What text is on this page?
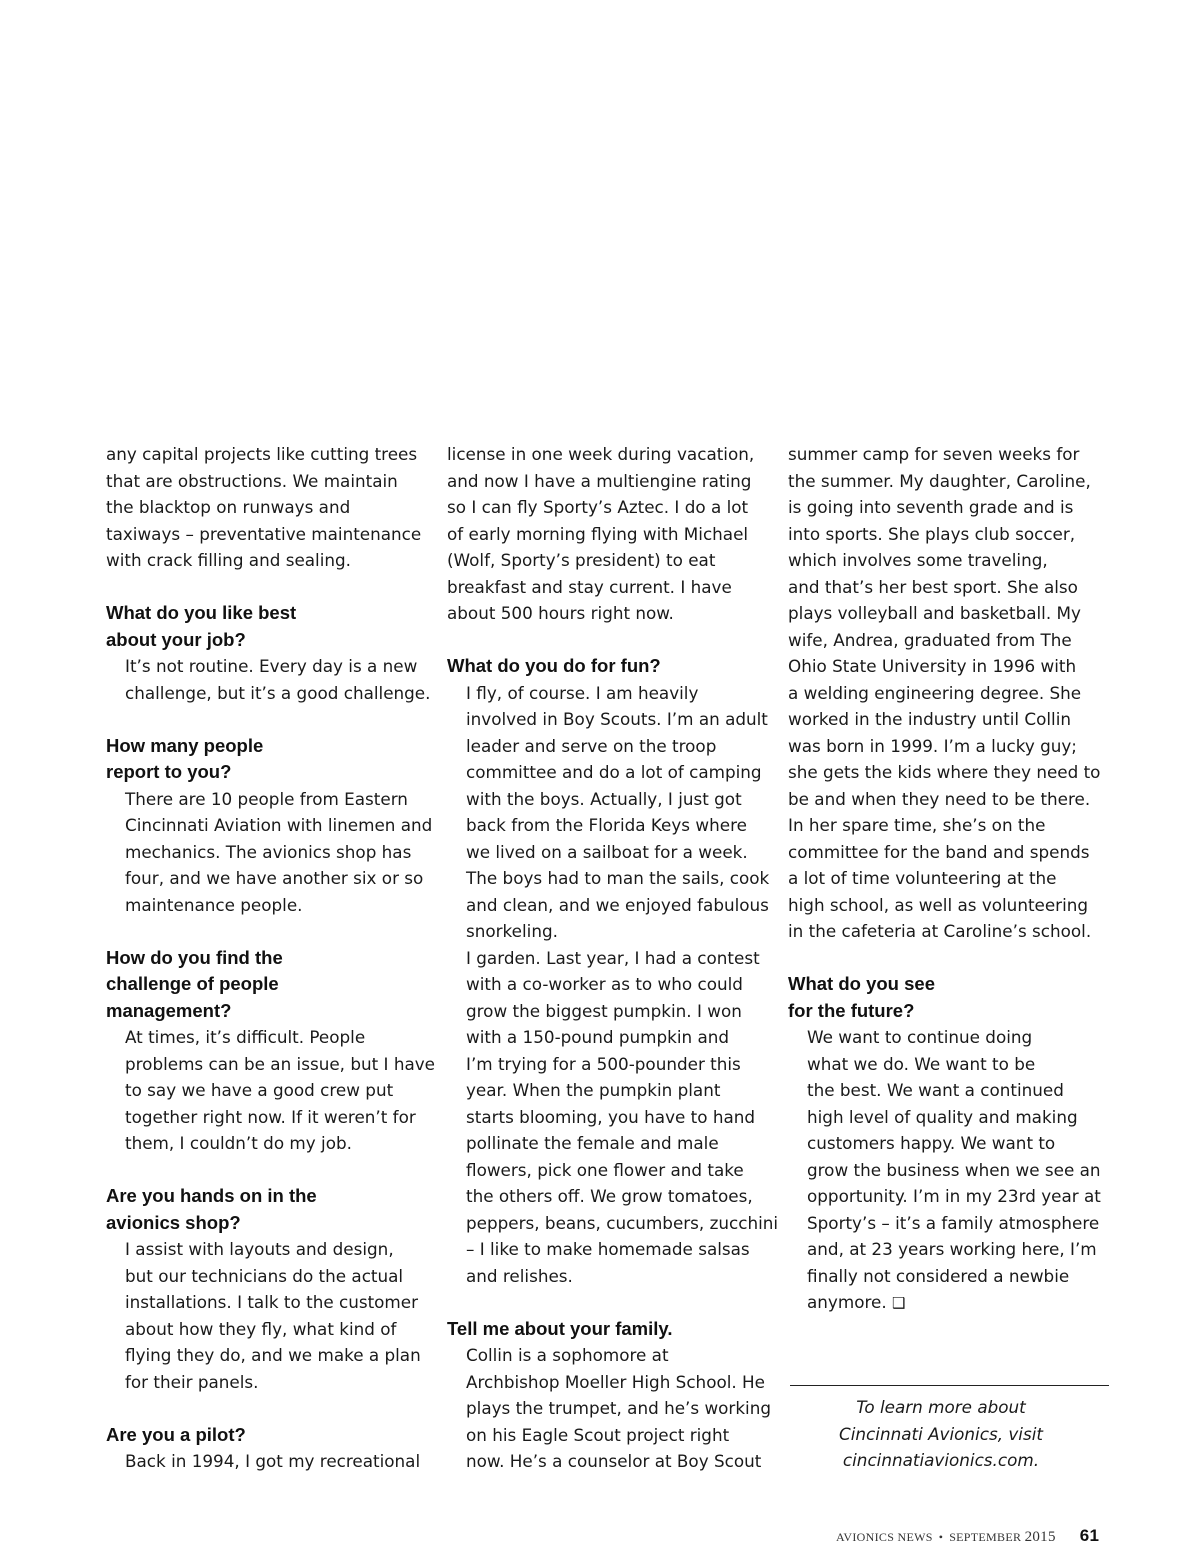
any capital projects like cutting trees
that are obstructions. We maintain
the blacktop on runways and
taxiways – preventative maintenance
with crack filling and sealing.

What do you like best
about your job?

It’s not routine. Every day is a new
challenge, but it’s a good challenge.

How many people
report to you?

There are 10 people from Eastern
Cincinnati Aviation with linemen and
mechanics. The avionics shop has
four, and we have another six or so
maintenance people.

How do you find the
challenge of people
management?

At times, it’s difficult. People
problems can be an issue, but I have
to say we have a good crew put
together right now. If it weren’t for
them, I couldn’t do my job.

Are you hands on in the
avionics shop?

I assist with layouts and design,
but our technicians do the actual
installations. I talk to the customer
about how they fly, what kind of
flying they do, and we make a plan
for their panels.

Are you a pilot?

Back in 1994, I got my recreational

license in one week during vacation,
and now I have a multiengine rating
so I can fly Sporty’s Aztec. I do a lot
of early morning flying with Michael
(Wolf, Sporty’s president) to eat
breakfast and stay current. I have
about 500 hours right now.

What do you do for fun?

I fly, of course. I am heavily
involved in Boy Scouts. I’m an adult
leader and serve on the troop
committee and do a lot of camping
with the boys. Actually, I just got
back from the Florida Keys where
we lived on a sailboat for a week.
The boys had to man the sails, cook
and clean, and we enjoyed fabulous
snorkeling.

I garden. Last year, I had a contest
with a co-worker as to who could
grow the biggest pumpkin. I won
with a 150-pound pumpkin and
I’m trying for a 500-pounder this
year. When the pumpkin plant
starts blooming, you have to hand
pollinate the female and male
flowers, pick one flower and take
the others off. We grow tomatoes,
peppers, beans, cucumbers, zucchini
– I like to make homemade salsas
and relishes.

Tell me about your family.

Collin is a sophomore at
Archbishop Moeller High School. He
plays the trumpet, and he’s working
on his Eagle Scout project right
now. He’s a counselor at Boy Scout

summer camp for seven weeks for
the summer. My daughter, Caroline,
is going into seventh grade and is
into sports. She plays club soccer,
which involves some traveling,
and that’s her best sport. She also
plays volleyball and basketball. My
wife, Andrea, graduated from The
Ohio State University in 1996 with
a welding engineering degree. She
worked in the industry until Collin
was born in 1999. I’m a lucky guy;
she gets the kids where they need to
be and when they need to be there.
In her spare time, she’s on the
committee for the band and spends
a lot of time volunteering at the
high school, as well as volunteering
in the cafeteria at Caroline’s school.

What do you see
for the future?

We want to continue doing
what we do. We want to be
the best. We want a continued
high level of quality and making
customers happy. We want to
grow the business when we see an
opportunity. I’m in my 23rd year at
Sporty’s – it’s a family atmosphere
and, at 23 years working here, I’m
finally not considered a newbie
anymore. ❑

To learn more about
Cincinnati Avionics, visit
cincinnatiavionics.com.
AVIONICS NEWS • SEPTEMBER 2015 61
